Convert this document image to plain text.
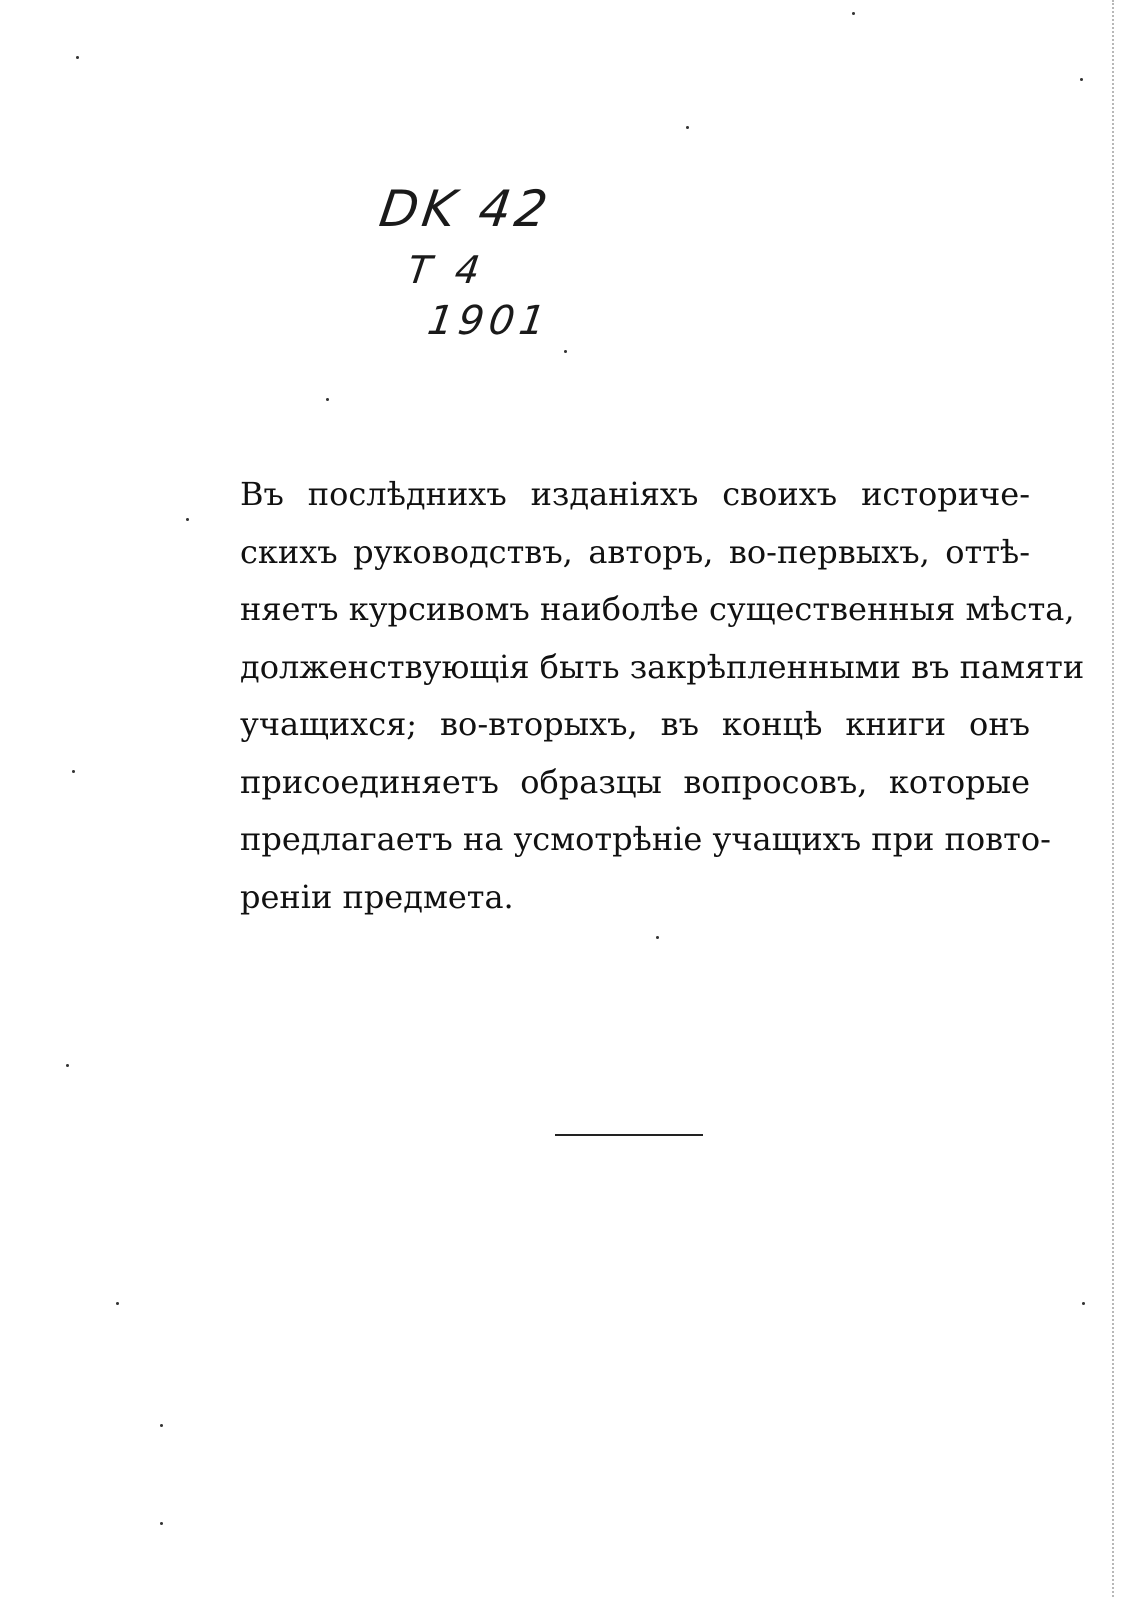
DK 42
T 4
1901
Въ послѣднихъ изданіяхъ своихъ историче-
скихъ руководствъ, авторъ, во-первыхъ, оттѣ-
няетъ курсивомъ наиболѣе существенныя мѣста,
долженствующія быть закрѣпленными въ памяти
учащихся; во-вторыхъ, въ концѣ книги онъ
присоединяетъ образцы вопросовъ, которые
предлагаетъ на усмотрѣніе учащихъ при повто-
реніи предмета.
